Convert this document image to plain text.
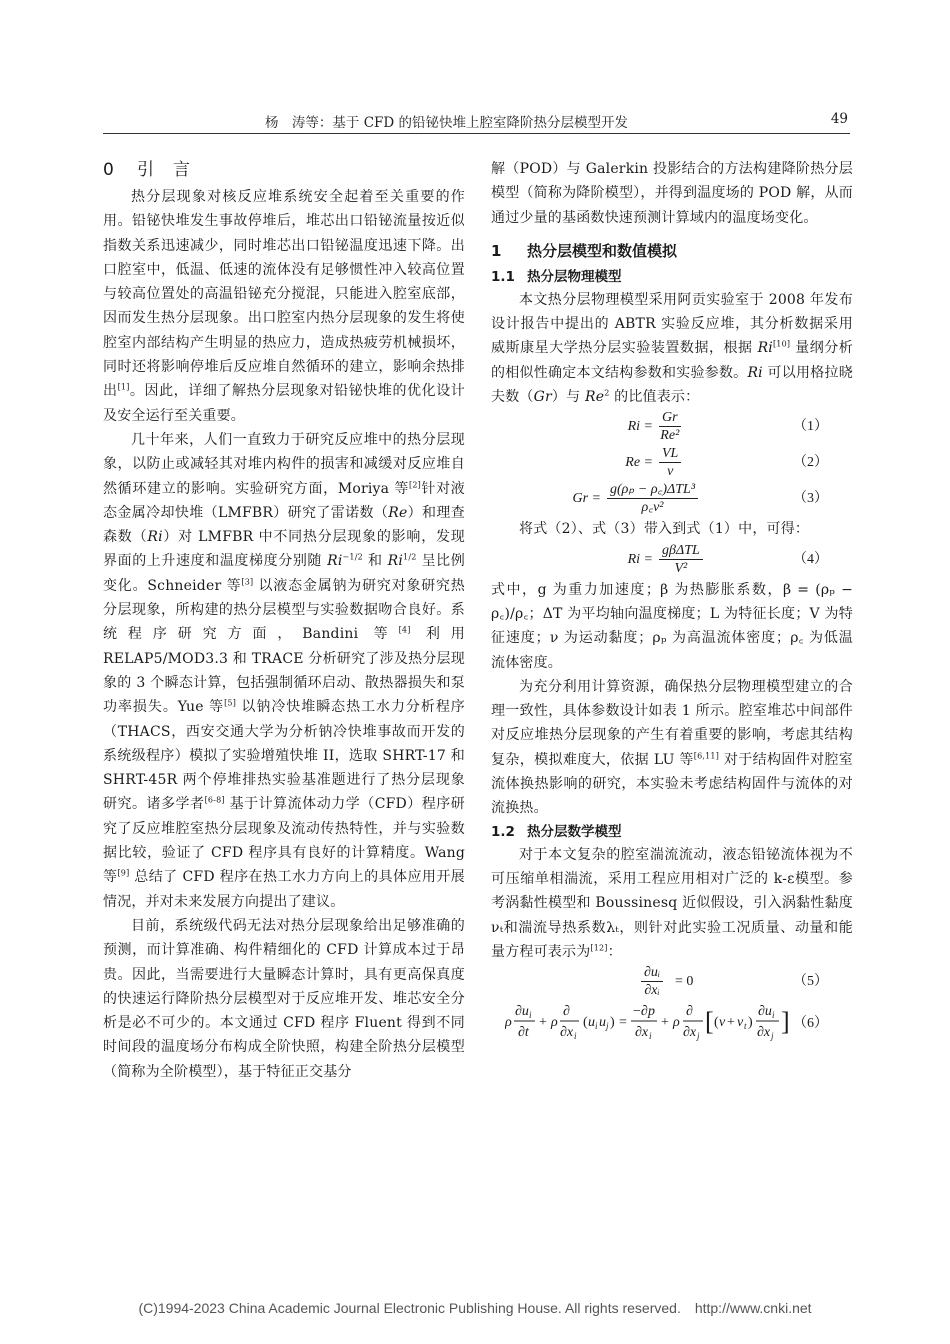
杨　涛等：基于 CFD 的铅铋快堆上腔室降阶热分层模型开发	49
0 引　言

热分层现象对核反应堆系统安全起着至关重要的作用。铅铋快堆发生事故停堆后，堆芯出口铅铋流量按近似指数关系迅速减少，同时堆芯出口铅铋温度迅速下降。出口腔室中，低温、低速的流体没有足够惯性冲入较高位置与较高位置处的高温铅铋充分搅混，只能进入腔室底部，因而发生热分层现象。出口腔室内热分层现象的发生将使腔室内部结构产生明显的热应力，造成热疲劳机械损坏，同时还将影响停堆后反应堆自然循环的建立，影响余热排出[1]。因此，详细了解热分层现象对铅铋快堆的优化设计及安全运行至关重要。

几十年来，人们一直致力于研究反应堆中的热分层现象，以防止或减轻其对堆内构件的损害和减缓对反应堆自然循环建立的影响。实验研究方面，Moriya 等[2]针对液态金属冷却快堆（LMFBR）研究了雷诺数（Re）和理查森数（Ri）对 LMFBR 中不同热分层现象的影响，发现界面的上升速度和温度梯度分别随 $Ri^{-1/2}$ 和 $Ri^{1/2}$ 呈比例变化。Schneider 等[3] 以液态金属钠为研究对象研究热分层现象，所构建的热分层模型与实验数据吻合良好。系统程序研究方面，Bandini 等[4] 利用 RELAP5/MOD3.3 和 TRACE 分析研究了涉及热分层现象的 3 个瞬态计算，包括强制循环启动、散热器损失和泵功率损失。Yue 等[5] 以钠冷快堆瞬态热工水力分析程序（THACS，西安交通大学为分析钠冷快堆事故而开发的系统级程序）模拟了实验增殖快堆 II，选取 SHRT-17 和 SHRT-45R 两个停堆排热实验基准题进行了热分层现象研究。诸多学者[6-8] 基于计算流体动力学（CFD）程序研究了反应堆腔室热分层现象及流动传热特性，并与实验数据比较，验证了 CFD 程序具有良好的计算精度。Wang 等[9] 总结了 CFD 程序在热工水力方向上的具体应用开展情况，并对未来发展方向提出了建议。

目前，系统级代码无法对热分层现象给出足够准确的预测，而计算准确、构件精细化的 CFD 计算成本过于昂贵。因此，当需要进行大量瞬态计算时，具有更高保真度的快速运行降阶热分层模型对于反应堆开发、堆芯安全分析是必不可少的。本文通过 CFD 程序 Fluent 得到不同时间段的温度场分布构成全阶快照，构建全阶热分层模型（简称为全阶模型），基于特征正交基分

解（POD）与 Galerkin 投影结合的方法构建降阶热分层模型（简称为降阶模型），并得到温度场的 POD 解，从而通过少量的基函数快速预测计算域内的温度场变化。

1 热分层模型和数值模拟
1.1 热分层物理模型

本文热分层物理模型采用阿贡实验室于 2008 年发布设计报告中提出的 ABTR 实验反应堆，其分析数据采用威斯康星大学热分层实验装置数据，根据 Ri[10] 量纲分析的相似性确定本文结构参数和实验参数。Ri 可以用格拉晓夫数（Gr）与 Re$^2$ 的比值表示：

$Ri = \frac{Gr}{\text{Re²}}$	（1）
$Re = \frac{VL}{\nu}$	（2）
Gr =
g(ρₚ − ρ꜀)ΔTL³
ρ꜀ν²
（3）

将式（2）、式（3）带入到式（1）中，可得：

Ri =
gβΔTL
V²
（4）

式中，g 为重力加速度；β 为热膨胀系数，β = (ρₚ − ρ꜀)/ρ꜀；ΔT 为平均轴向温度梯度；L 为特征长度；V 为特征速度；ν 为运动黏度；ρₚ 为高温流体密度；ρ꜀ 为低温流体密度。

为充分利用计算资源，确保热分层物理模型建立的合理一致性，具体参数设计如表 1 所示。腔室堆芯中间部件对反应堆热分层现象的产生有着重要的影响，考虑其结构复杂，模拟难度大，依据 LU 等[6,11] 对于结构固件对腔室流体换热影响的研究，本实验未考虑结构固件与流体的对流换热。

1.2 热分层数学模型

对于本文复杂的腔室湍流流动，液态铅铋流体视为不可压缩单相湍流，采用工程应用相对广泛的 k-ε模型。参考涡黏性模型和 Boussinesq 近似假设，引入涡黏性黏度νₜ和湍流导热系数λₜ，则针对此实验工况质量、动量和能量方程可表示为[12]：

$\frac{\text{∂uᵢ}}{\text{∂xᵢ}} = 0$	（5）
ρ
∂u i
∂t
+ ρ
∂
∂x i
( u i u j ) =
−∂ p
∂x i
+ ρ
∂
∂x j [ ( ν + ν t )
∂u i
∂x j ] （6）
(C)1994-2023 China Academic Journal Electronic Publishing House. All rights reserved.　http://www.cnki.net
